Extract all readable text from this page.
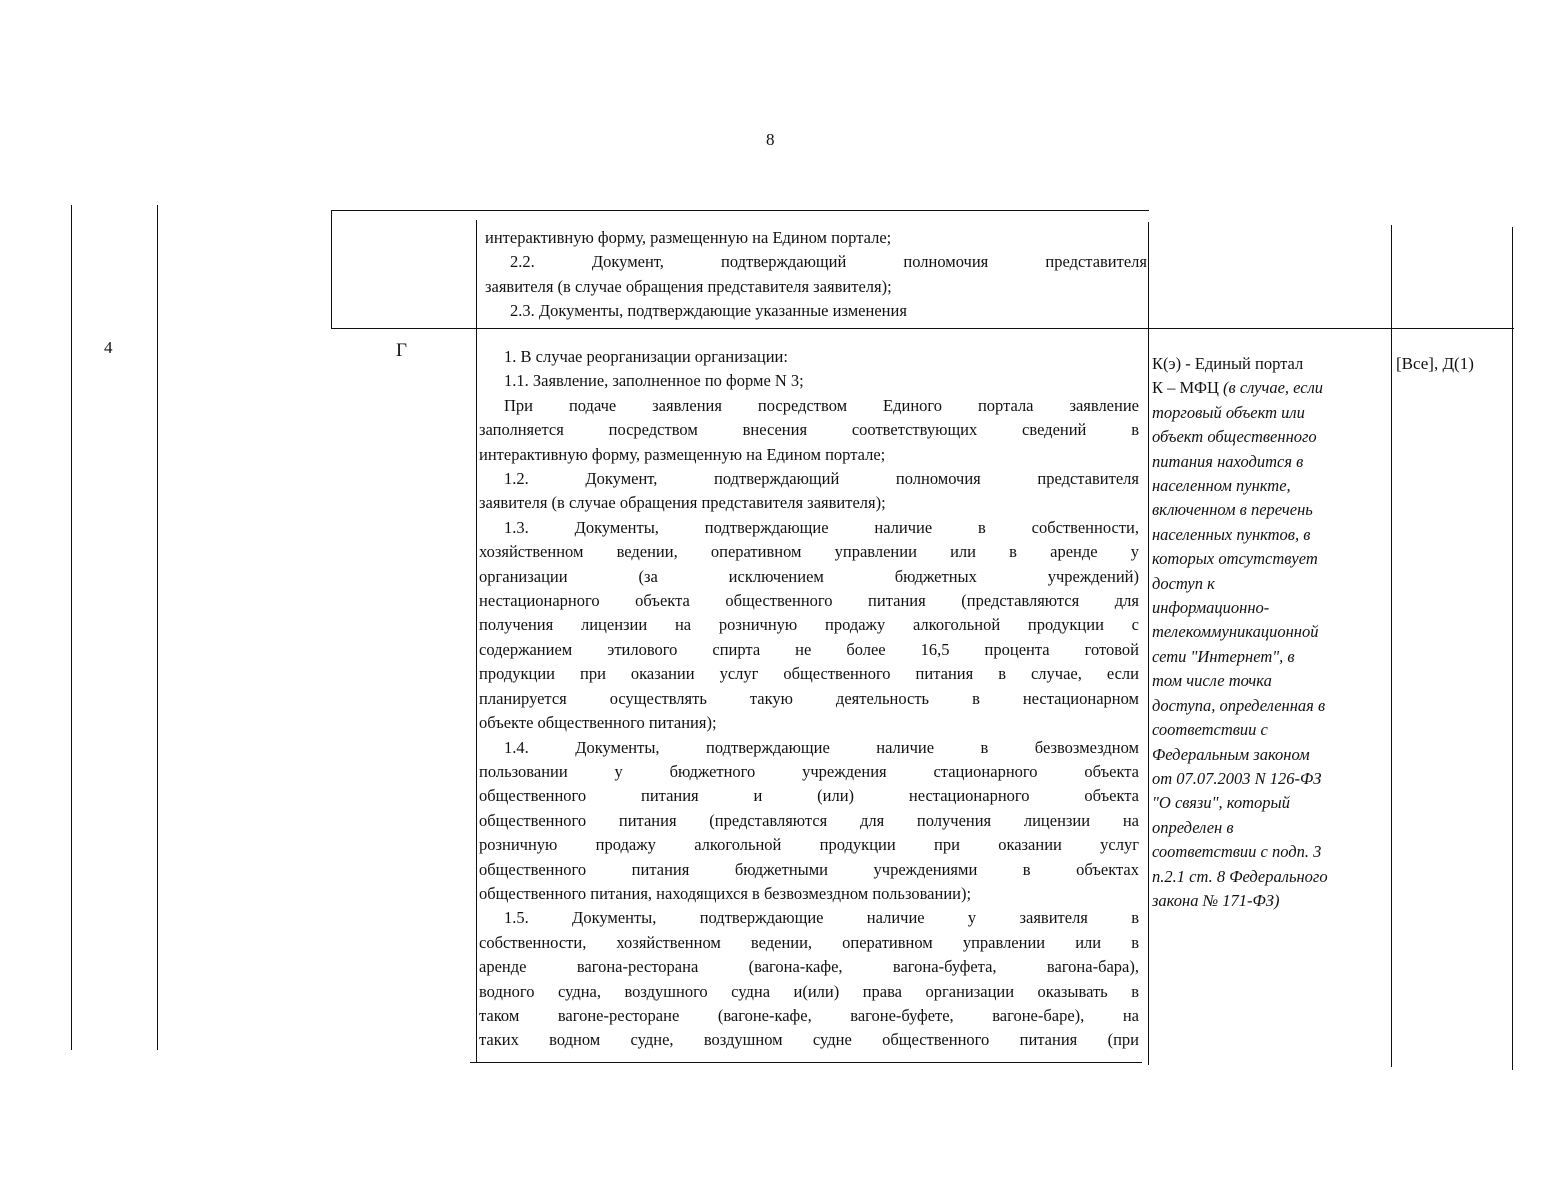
8
4	Г
интерактивную форму, размещенную на Едином портале;
2.2. Документ, подтверждающий полномочия представителя
заявителя (в случае обращения представителя заявителя);
2.3. Документы, подтверждающие указанные изменения
1. В случае реорганизации организации:
1.1. Заявление, заполненное по форме N 3;
При подаче заявления посредством Единого портала заявление
заполняется посредством внесения соответствующих сведений в
интерактивную форму, размещенную на Едином портале;
1.2. Документ, подтверждающий полномочия представителя
заявителя (в случае обращения представителя заявителя);
1.3. Документы, подтверждающие наличие в собственности,
хозяйственном ведении, оперативном управлении или в аренде у
организации (за исключением бюджетных учреждений)
нестационарного объекта общественного питания (представляются для
получения лицензии на розничную продажу алкогольной продукции с
содержанием этилового спирта не более 16,5 процента готовой
продукции при оказании услуг общественного питания в случае, если
планируется осуществлять такую деятельность в нестационарном
объекте общественного питания);
1.4. Документы, подтверждающие наличие в безвозмездном
пользовании у бюджетного учреждения стационарного объекта
общественного питания и (или) нестационарного объекта
общественного питания (представляются для получения лицензии на
розничную продажу алкогольной продукции при оказании услуг
общественного питания бюджетными учреждениями в объектах
общественного питания, находящихся в безвозмездном пользовании);
1.5. Документы, подтверждающие наличие у заявителя в
собственности, хозяйственном ведении, оперативном управлении или в
аренде вагона-ресторана (вагона-кафе, вагона-буфета, вагона-бара),
водного судна, воздушного судна и(или) права организации оказывать в
таком вагоне-ресторане (вагоне-кафе, вагоне-буфете, вагоне-баре), на
таких водном судне, воздушном судне общественного питания (при
К(э) - Единый портал
К – МФЦ (в случае, если
торговый объект или
объект общественного
питания находится в
населенном пункте,
включенном в перечень
населенных пунктов, в
которых отсутствует
доступ к
информационно-
телекоммуникационной
сети "Интернет", в
том числе точка
доступа, определенная в
соответствии с
Федеральным законом
от 07.07.2003 N 126-ФЗ
"О связи", который
определен в
соответствии с подп. 3
п.2.1 ст. 8 Федерального
закона № 171-ФЗ)
[Все], Д(1)
